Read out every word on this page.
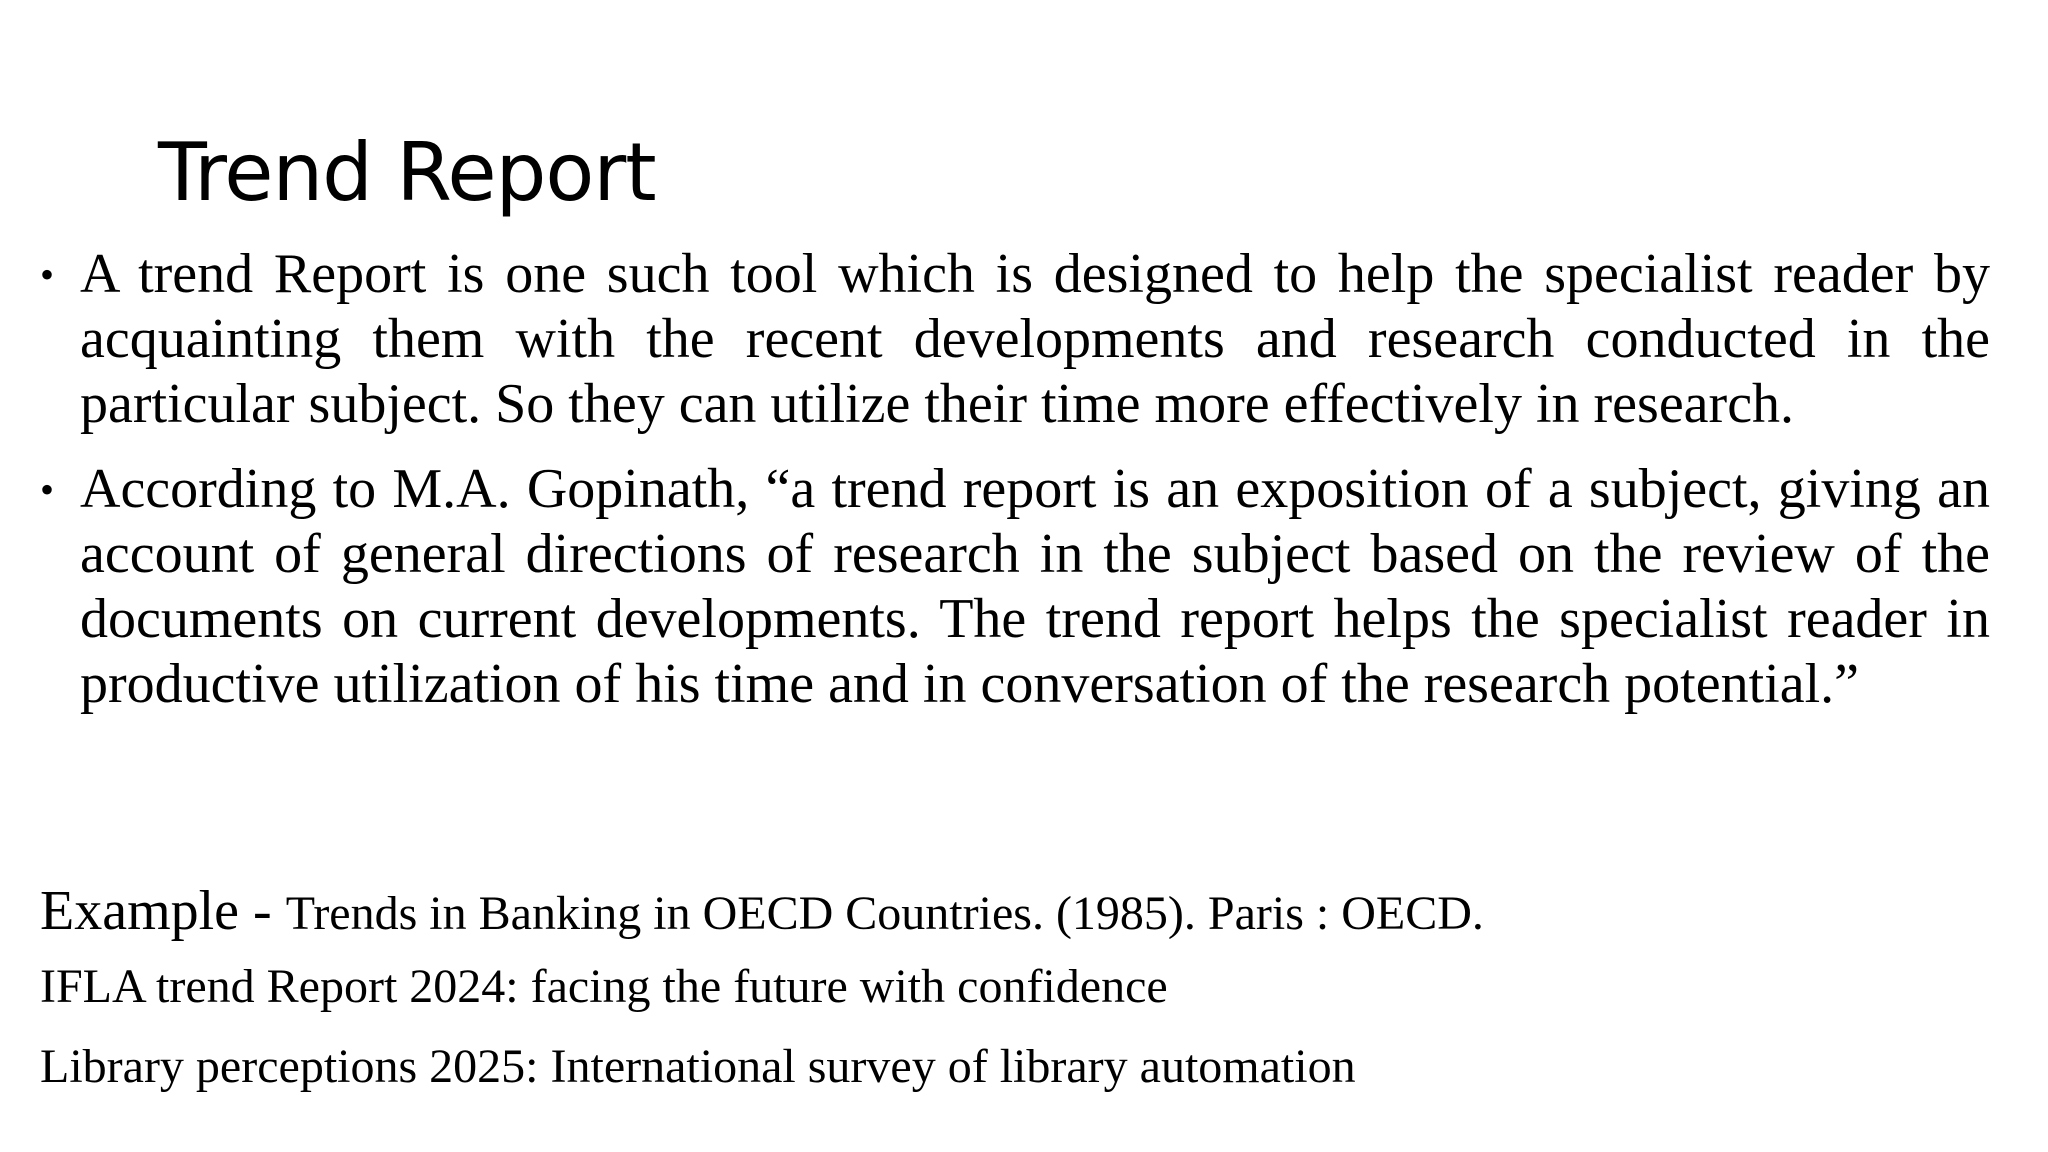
Trend Report
• A trend Report is one such tool which is designed to help the specialist reader by acquainting them with the recent developments and research conducted in the particular subject. So they can utilize their time more effectively in research.
• According to M.A. Gopinath, “a trend report is an exposition of a subject, giving an account of general directions of research in the subject based on the review of the documents on current developments. The trend report helps the specialist reader in productive utilization of his time and in conversation of the research potential.”
Example - Trends in Banking in OECD Countries. (1985). Paris : OECD.
IFLA trend Report 2024: facing the future with confidence
Library perceptions 2025: International survey of library automation
